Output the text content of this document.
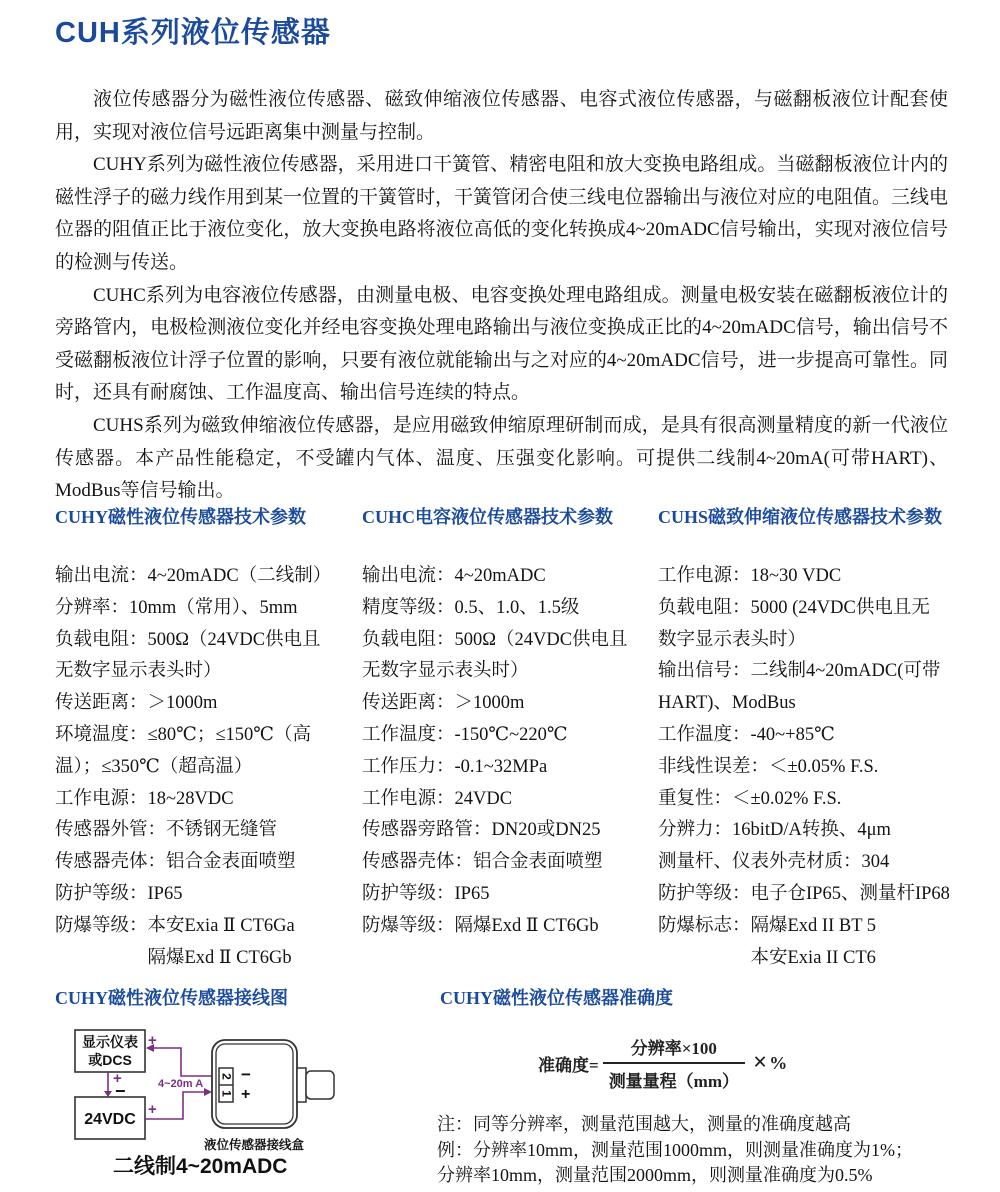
CUH系列液位传感器

液位传感器分为磁性液位传感器、磁致伸缩液位传感器、电容式液位传感器，与磁翻板液位计配套使用，实现对液位信号远距离集中测量与控制。

CUHY系列为磁性液位传感器，采用进口干簧管、精密电阻和放大变换电路组成。当磁翻板液位计内的磁性浮子的磁力线作用到某一位置的干簧管时，干簧管闭合使三线电位器输出与液位对应的电阻值。三线电位器的阻值正比于液位变化，放大变换电路将液位高低的变化转换成4~20mADC信号输出，实现对液位信号的检测与传送。

CUHC系列为电容液位传感器，由测量电极、电容变换处理电路组成。测量电极安装在磁翻板液位计的旁路管内，电极检测液位变化并经电容变换处理电路输出与液位变换成正比的4~20mADC信号，输出信号不受磁翻板液位计浮子位置的影响，只要有液位就能输出与之对应的4~20mADC信号，进一步提高可靠性。同时，还具有耐腐蚀、工作温度高、输出信号连续的特点。

CUHS系列为磁致伸缩液位传感器，是应用磁致伸缩原理研制而成，是具有很高测量精度的新一代液位传感器。本产品性能稳定，不受罐内气体、温度、压强变化影响。可提供二线制4~20mA(可带HART)、ModBus等信号输出。

CUHY磁性液位传感器技术参数	CUHC电容液位传感器技术参数	CUHS磁致伸缩液位传感器技术参数
输出电流：4~20mADC（二线制）
分辨率：10mm（常用）、5mm
负载电阻：500Ω（24VDC供电且
无数字显示表头时）
传送距离：＞1000m
环境温度：≤80℃；≤150℃（高
温）；≤350℃（超高温）
工作电源：18~28VDC
传感器外管：不锈钢无缝管
传感器壳体：铝合金表面喷塑
防护等级：IP65
防爆等级：本安Exia Ⅱ CT6Ga
　　　　　隔爆Exd Ⅱ CT6Gb
输出电流：4~20mADC
精度等级：0.5、1.0、1.5级
负载电阻：500Ω（24VDC供电且
无数字显示表头时）
传送距离：＞1000m
工作温度：-150℃~220℃
工作压力：-0.1~32MPa
工作电源：24VDC
传感器旁路管：DN20或DN25
传感器壳体：铝合金表面喷塑
防护等级：IP65
防爆等级：隔爆Exd Ⅱ CT6Gb
工作电源：18~30 VDC
负载电阻：5000 (24VDC供电且无
数字显示表头时）
输出信号：二线制4~20mADC(可带
HART)、ModBus
工作温度：-40~+85℃
非线性误差：＜±0.05% F.S.
重复性：＜±0.02% F.S.
分辨力：16bitD/A转换、4μm
测量杆、仪表外壳材质：304
防护等级：电子仓IP65、测量杆IP68
防爆标志：隔爆Exd II BT 5
　　　　　本安Exia II CT6
CUHY磁性液位传感器接线图	CUHY磁性液位传感器准确度
显示仪表
或DCS
24VDC
+
−
+
+
4~20m A
2
1
−
+
液位传感器接线盒
二线制4~20mADC
准确度= $\frac{\text{分辨率×100}}{\text{测量量程（mm）}}$ × %
注：同等分辨率，测量范围越大，测量的准确度越高
例：分辨率10mm，测量范围1000mm，则测量准确度为1%；
分辨率10mm，测量范围2000mm，则测量准确度为0.5%
